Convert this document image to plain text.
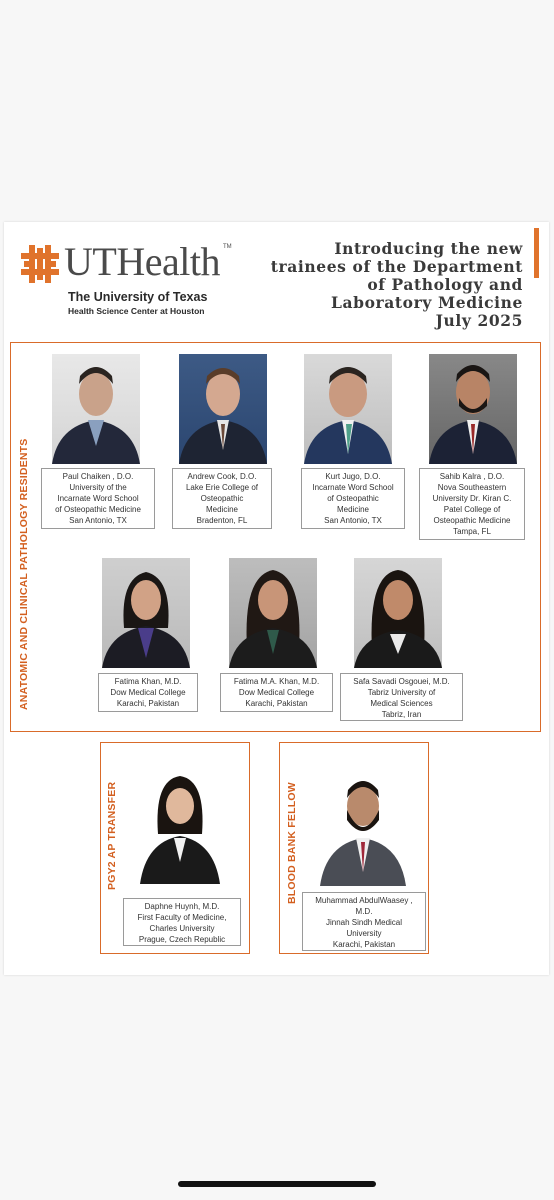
UTHealth TM
The University of Texas
Health Science Center at Houston
Introducing the new
trainees of the Department
of Pathology and
Laboratory Medicine
July 2025
ANATOMIC AND CLINICAL PATHOLOGY RESIDENTS	Paul Chaiken , D.O.
University of the
Incarnate Word School
of Osteopathic Medicine
San Antonio, TX
Andrew Cook, D.O.
Lake Erie College of
Osteopathic
Medicine
Bradenton, FL
Kurt Jugo, D.O.
Incarnate Word School
of Osteopathic
Medicine
San Antonio, TX
Sahib Kalra , D.O.
Nova Southeastern
University Dr. Kiran C.
Patel College of
Osteopathic Medicine
Tampa, FL
Fatima Khan, M.D.
Dow Medical College
Karachi, Pakistan
Fatima M.A. Khan, M.D.
Dow Medical College
Karachi, Pakistan
Safa Savadi Osgouei, M.D.
Tabriz University of
Medical Sciences
Tabriz, Iran
PGY2 AP TRANSFER
Daphne Huynh, M.D.
First Faculty of Medicine,
Charles University
Prague, Czech Republic
BLOOD BANK FELLOW	Muhammad AbdulWaasey ,
M.D.
Jinnah Sindh Medical
University
Karachi, Pakistan
